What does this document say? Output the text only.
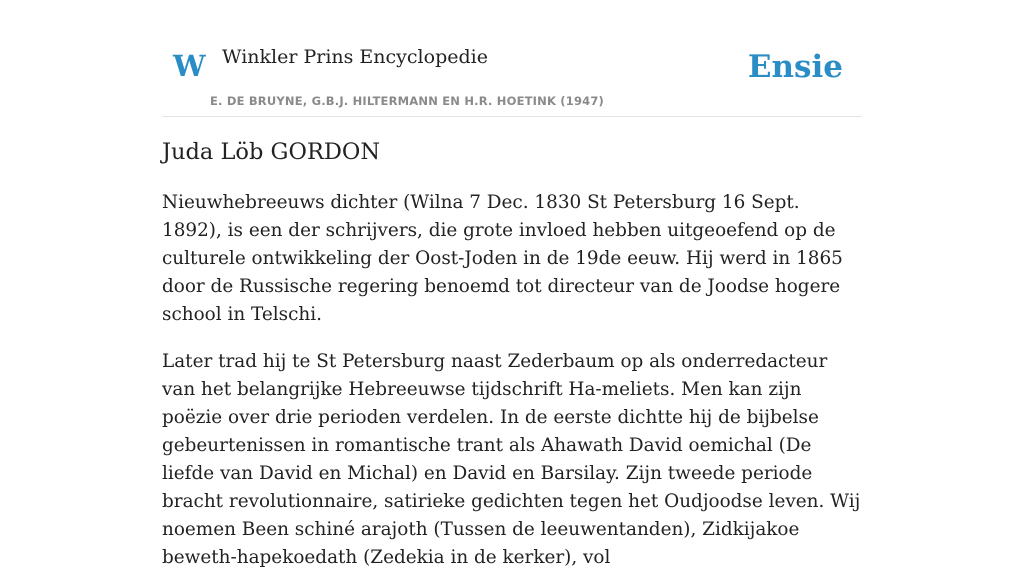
W Winkler Prins Encyclopedie
E. DE BRUYNE, G.B.J. HILTERMANN EN H.R. HOETINK (1947)
Ensie
Juda Löb GORDON

Nieuwhebreeuws dichter (Wilna 7 Dec. 1830 St Petersburg 16 Sept. 1892), is een der schrijvers, die grote invloed hebben uitgeoefend op de culturele ontwikkeling der Oost-Joden in de 19de eeuw. Hij werd in 1865 door de Russische regering benoemd tot directeur van de Joodse hogere school in Telschi.

Later trad hij te St Petersburg naast Zederbaum op als onderredacteur van het belangrijke Hebreeuwse tijdschrift Ha-meliets. Men kan zijn poëzie over drie perioden verdelen. In de eerste dichtte hij de bijbelse gebeurtenissen in romantische trant als Ahawath David oemichal (De liefde van David en Michal) en David en Barsilay. Zijn tweede periode bracht revolutionnaire, satirieke gedichten tegen het Oudjoodse leven. Wij noemen Been schiné arajoth (Tussen de leeuwentanden), Zidkijakoe beweth-hapekoedath (Zedekia in de kerker), vol
